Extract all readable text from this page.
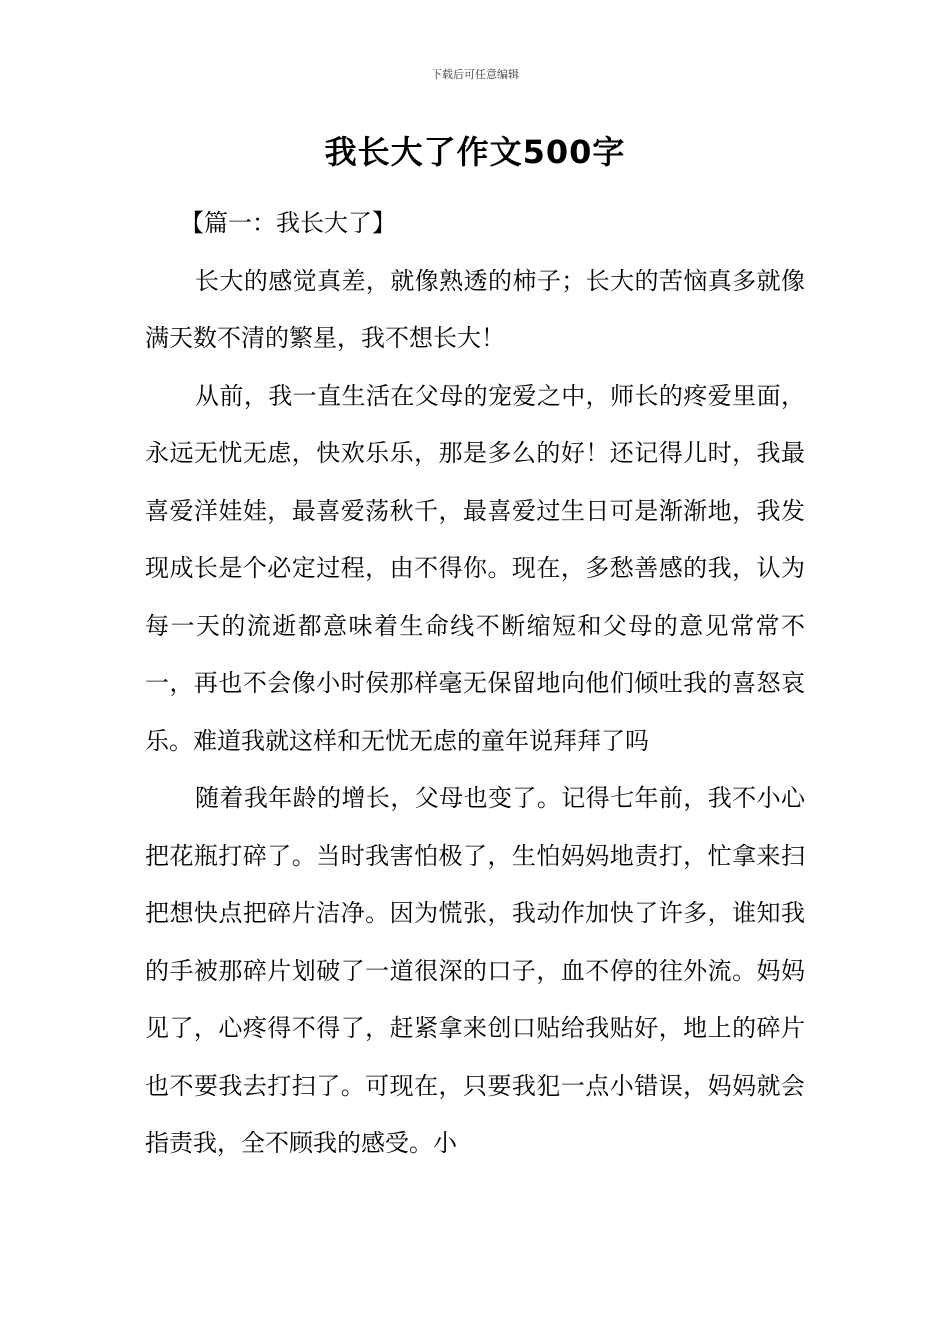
下载后可任意编辑
我长大了作文500字

【篇一：我长大了】

长大的感觉真差，就像熟透的柿子；长大的苦恼真多就像满天数不清的繁星，我不想长大！

从前，我一直生活在父母的宠爱之中，师长的疼爱里面，永远无忧无虑，快欢乐乐，那是多么的好！还记得儿时，我最喜爱洋娃娃，最喜爱荡秋千，最喜爱过生日可是渐渐地，我发现成长是个必定过程，由不得你。现在，多愁善感的我，认为每一天的流逝都意味着生命线不断缩短和父母的意见常常不一，再也不会像小时侯那样毫无保留地向他们倾吐我的喜怒哀乐。难道我就这样和无忧无虑的童年说拜拜了吗

随着我年龄的增长，父母也变了。记得七年前，我不小心把花瓶打碎了。当时我害怕极了，生怕妈妈地责打，忙拿来扫把想快点把碎片洁净。因为慌张，我动作加快了许多，谁知我的手被那碎片划破了一道很深的口子，血不停的往外流。妈妈见了，心疼得不得了，赶紧拿来创口贴给我贴好，地上的碎片也不要我去打扫了。可现在，只要我犯一点小错误，妈妈就会指责我，全不顾我的感受。小
